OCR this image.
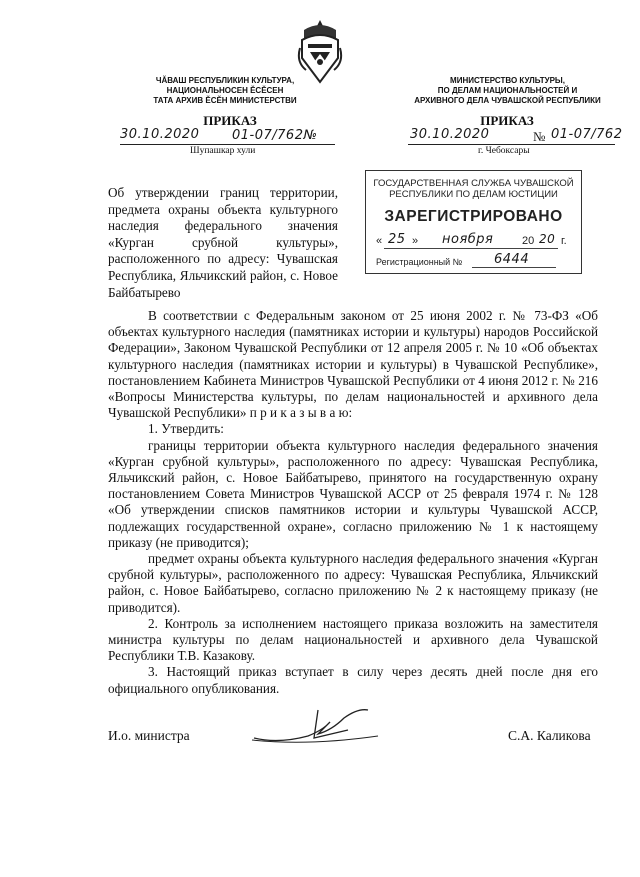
ЧĂВАШ РЕСПУБЛИКИН КУЛЬТУРА,
НАЦИОНАЛЬНОСЕН ĔСĔСЕН
ТАТА АРХИВ ĔCĔH МИНИСТЕРСТВИ
МИНИСТЕРСТВО КУЛЬТУРЫ,
ПО ДЕЛАМ НАЦИОНАЛЬНОСТЕЙ И
АРХИВНОГО ДЕЛА ЧУВАШСКОЙ РЕСПУБЛИКИ
ПРИКАЗ	ПРИКАЗ
30.10.2020	01-07/762№
Шупашкар хули
30.10.2020	№ 01-07/762
г. Чебоксары
Об утверждении границ территории, предмета охраны объекта культурного наследия федерального значения «Курган срубной культуры», расположенного по адресу: Чувашская Республика, Яльчикский район, с. Новое Байбатырево
ГОСУДАРСТВЕННАЯ СЛУЖБА ЧУВАШСКОЙ
РЕСПУБЛИКИ ПО ДЕЛАМ ЮСТИЦИИ
ЗАРЕГИСТРИРОВАНО
« 25 » ноября	20 20 г.
Регистрационный № 6444

В соответствии с Федеральным законом от 25 июня 2002 г. № 73-ФЗ «Об объектах культурного наследия (памятниках истории и культуры) народов Российской Федерации», Законом Чувашской Республики от 12 апреля 2005 г. № 10 «Об объектах культурного наследия (памятниках истории и культуры) в Чувашской Республике», постановлением Кабинета Министров Чувашской Республики от 4 июня 2012 г. № 216 «Вопросы Министерства культуры, по делам национальностей и архивного дела Чувашской Республики» п р и к а з ы в а ю:

1. Утвердить:

границы территории объекта культурного наследия федерального значения «Курган срубной культуры», расположенного по адресу: Чувашская Республика, Яльчикский район, с. Новое Байбатырево, принятого на государственную охрану постановлением Совета Министров Чувашской АССР от 25 февраля 1974 г. № 128 «Об утверждении списков памятников истории и культуры Чувашской АССР, подлежащих государственной охране», согласно приложению № 1 к настоящему приказу (не приводится);

предмет охраны объекта культурного наследия федерального значения «Курган срубной культуры», расположенного по адресу: Чувашская Республика, Яльчикский район, с. Новое Байбатырево, согласно приложению № 2 к настоящему приказу (не приводится).

2. Контроль за исполнением настоящего приказа возложить на заместителя министра культуры по делам национальностей и архивного дела Чувашской Республики Т.В. Казакову.

3. Настоящий приказ вступает в силу через десять дней после дня его официального опубликования.

И.о. министра	С.А. Каликова
